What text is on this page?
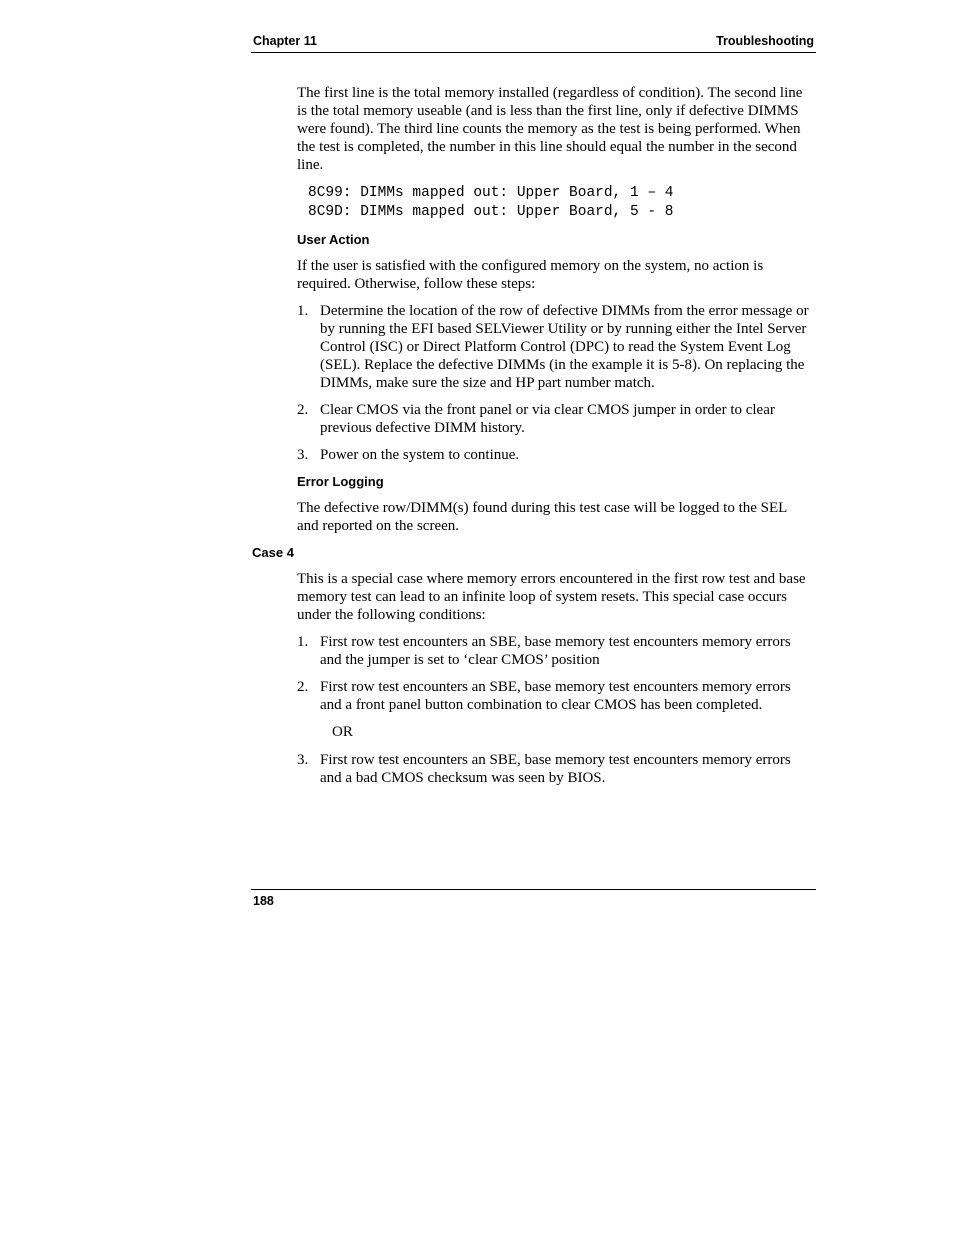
Chapter 11	Troubleshooting

The first line is the total memory installed (regardless of condition). The second line is the total memory useable (and is less than the first line, only if defective DIMMS were found). The third line counts the memory as the test is being performed. When the test is completed, the number in this line should equal the number in the second line.

8C99: DIMMs mapped out: Upper Board, 1 – 4
8C9D: DIMMs mapped out: Upper Board, 5 - 8
User Action

If the user is satisfied with the configured memory on the system, no action is required. Otherwise, follow these steps:

1. Determine the location of the row of defective DIMMs from the error message or by running the EFI based SELViewer Utility or by running either the Intel Server Control (ISC) or Direct Platform Control (DPC) to read the System Event Log (SEL). Replace the defective DIMMs (in the example it is 5-8). On replacing the DIMMs, make sure the size and HP part number match.
2. Clear CMOS via the front panel or via clear CMOS jumper in order to clear previous defective DIMM history.
3. Power on the system to continue.
Error Logging

The defective row/DIMM(s) found during this test case will be logged to the SEL and reported on the screen.

Case 4

This is a special case where memory errors encountered in the first row test and base memory test can lead to an infinite loop of system resets. This special case occurs under the following conditions:

1. First row test encounters an SBE, base memory test encounters memory errors and the jumper is set to ‘clear CMOS’ position
2. First row test encounters an SBE, base memory test encounters memory errors and a front panel button combination to clear CMOS has been completed.
OR
3. First row test encounters an SBE, base memory test encounters memory errors and a bad CMOS checksum was seen by BIOS.
188
